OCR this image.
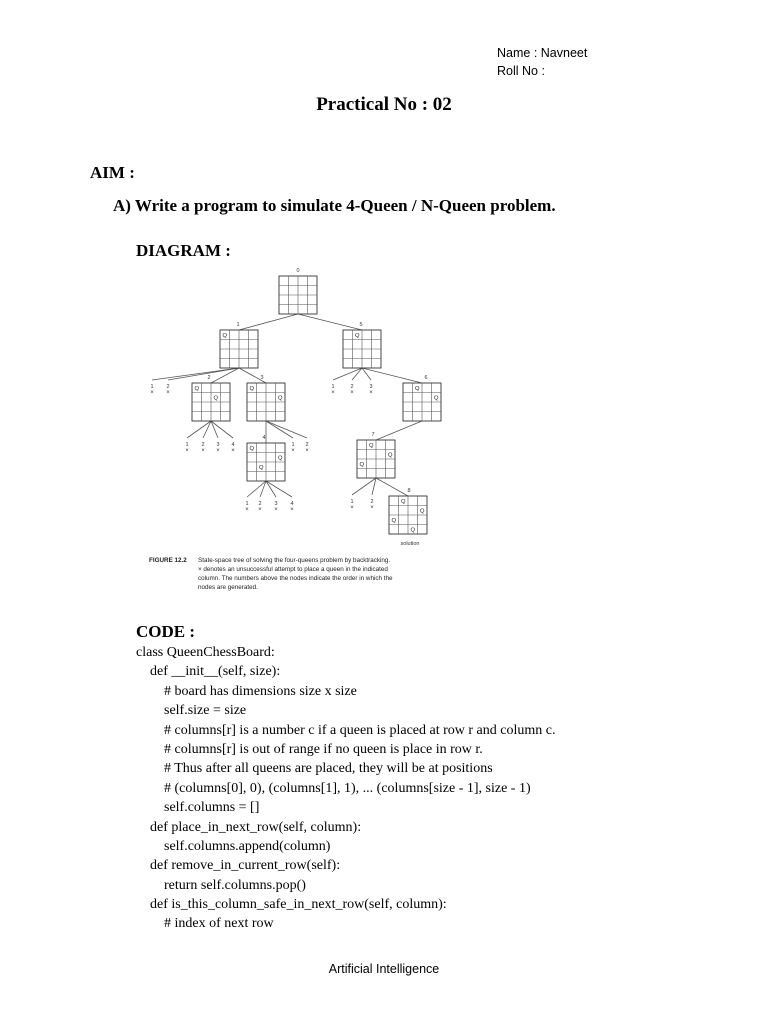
Name : Navneet
Roll No :
Practical No : 02
AIM :
A) Write a program to simulate 4-Queen / N-Queen problem.
DIAGRAM :
Q
Q
Q
Q
Q
Q
Q
Q
Q
Q
Q
Q
Q
Q
Q
Q
Q
Q
1
×
2
×
1
×
2
×
3
×
4
×
1
×
2
×
1
×
2
×
3
×
4
×
1
×
2
×
3
×
1
×
2
×
0
1
2	3
4
5
6
7
8
solution
FIGURE 12.2 State-space tree of solving the four-queens problem by backtracking.
× denotes an unsuccessful attempt to place a queen in the indicated
column. The numbers above the nodes indicate the order in which the
nodes are generated.
CODE :
class QueenChessBoard:
def __init__(self, size):
# board has dimensions size x size
self.size = size
# columns[r] is a number c if a queen is placed at row r and column c.
# columns[r] is out of range if no queen is place in row r.
# Thus after all queens are placed, they will be at positions
# (columns[0], 0), (columns[1], 1), ... (columns[size - 1], size - 1)
self.columns = []
def place_in_next_row(self, column):
self.columns.append(column)
def remove_in_current_row(self):
return self.columns.pop()
def is_this_column_safe_in_next_row(self, column):
# index of next row
Artificial Intelligence
